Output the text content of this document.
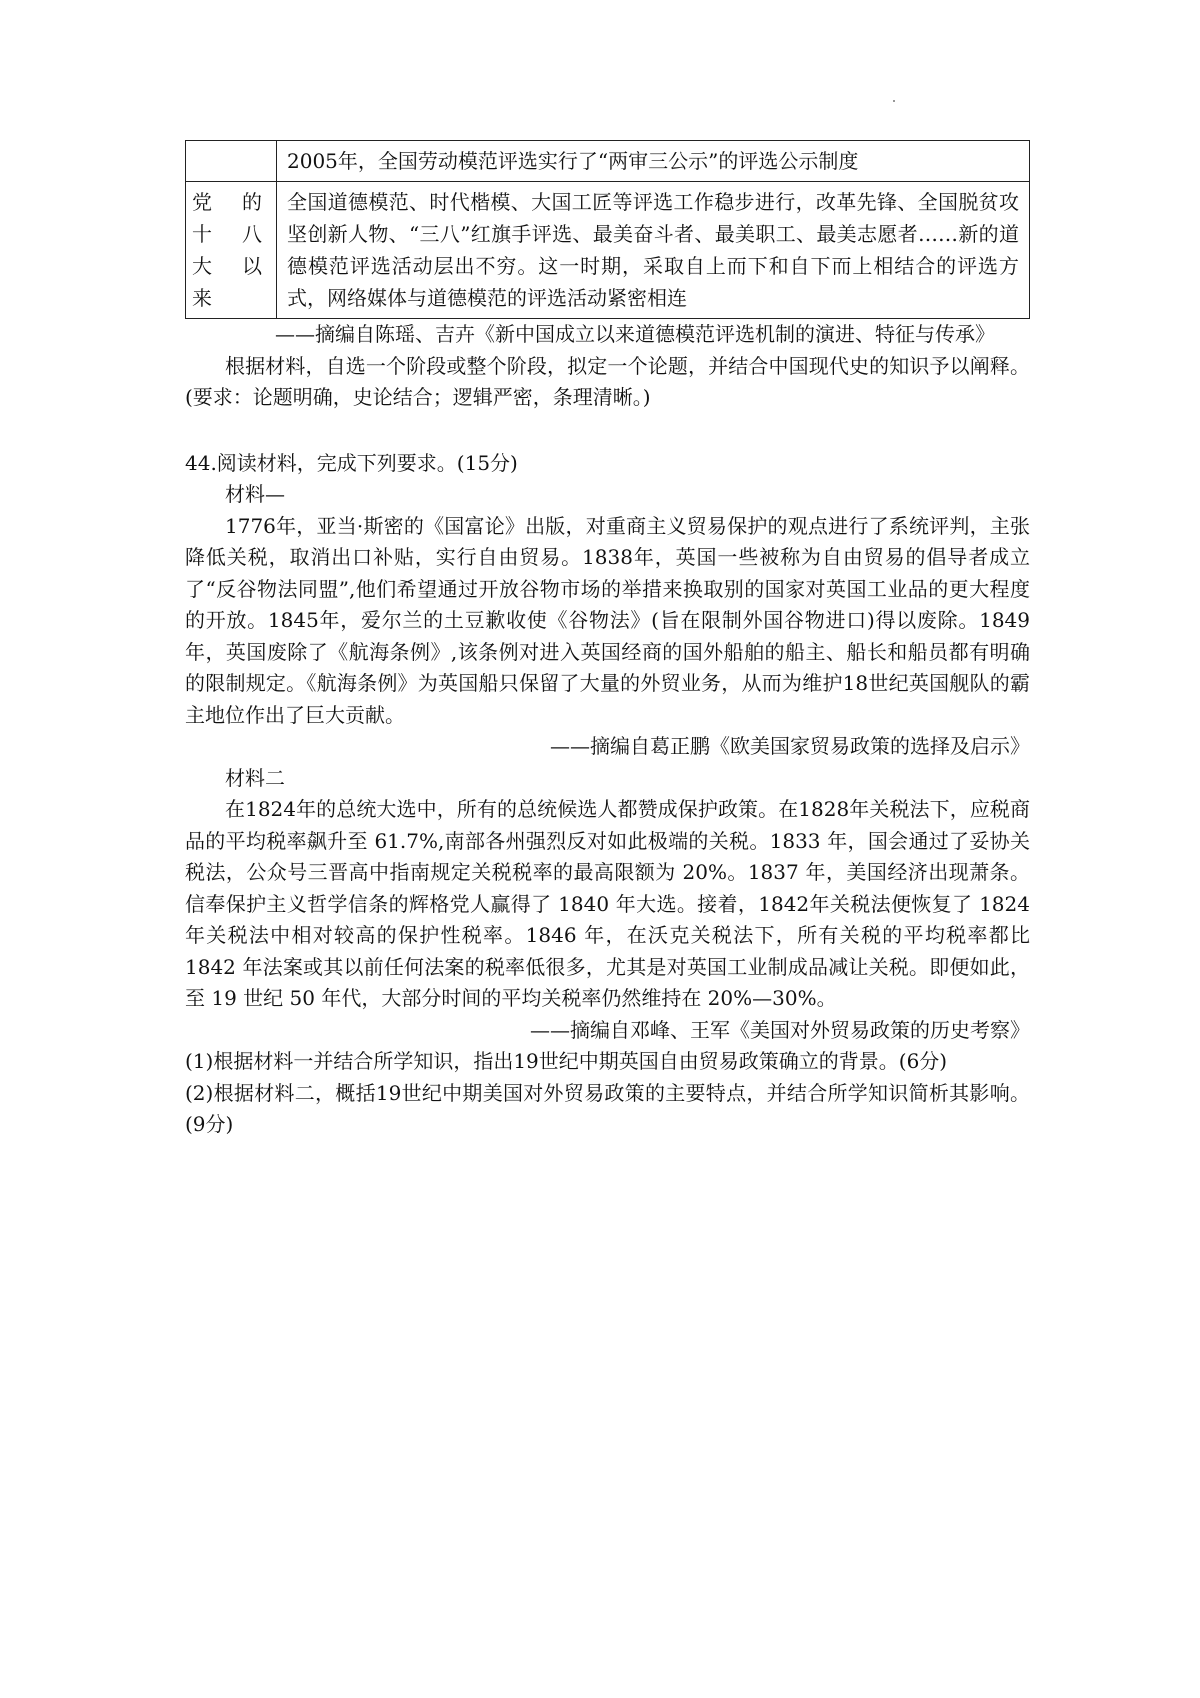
	2005年，全国劳动模范评选实行了“两审三公示”的评选公示制度
党的十八大以来	全国道德模范、时代楷模、大国工匠等评选工作稳步进行，改革先锋、全国脱贫攻坚创新人物、“三八”红旗手评选、最美奋斗者、最美职工、最美志愿者……新的道德模范评选活动层出不穷。这一时期，采取自上而下和自下而上相结合的评选方式，网络媒体与道德模范的评选活动紧密相连

——摘编自陈瑶、吉卉《新中国成立以来道德模范评选机制的演进、特征与传承》

根据材料，自选一个阶段或整个阶段，拟定一个论题，并结合中国现代史的知识予以阐释。(要求：论题明确，史论结合；逻辑严密，条理清晰。)

44.阅读材料，完成下列要求。(15分)

材料—

1776年，亚当·斯密的《国富论》出版，对重商主义贸易保护的观点进行了系统评判，主张降低关税，取消出口补贴，实行自由贸易。1838年，英国一些被称为自由贸易的倡导者成立了“反谷物法同盟”,他们希望通过开放谷物市场的举措来换取别的国家对英国工业品的更大程度的开放。1845年，爱尔兰的土豆歉收使《谷物法》(旨在限制外国谷物进口)得以废除。1849年，英国废除了《航海条例》,该条例对进入英国经商的国外船舶的船主、船长和船员都有明确的限制规定。《航海条例》为英国船只保留了大量的外贸业务，从而为维护18世纪英国舰队的霸主地位作出了巨大贡献。

——摘编自葛正鹏《欧美国家贸易政策的选择及启示》

材料二

在1824年的总统大选中，所有的总统候选人都赞成保护政策。在1828年关税法下，应税商品的平均税率飙升至 61.7%,南部各州强烈反对如此极端的关税。1833 年，国会通过了妥协关税法，公众号三晋高中指南规定关税税率的最高限额为 20%。1837 年，美国经济出现萧条。信奉保护主义哲学信条的辉格党人赢得了 1840 年大选。接着，1842年关税法便恢复了 1824 年关税法中相对较高的保护性税率。1846 年，在沃克关税法下，所有关税的平均税率都比 1842 年法案或其以前任何法案的税率低很多，尤其是对英国工业制成品减让关税。即便如此，至 19 世纪 50 年代，大部分时间的平均关税率仍然维持在 20%—30%。

——摘编自邓峰、王军《美国对外贸易政策的历史考察》

(1)根据材料一并结合所学知识，指出19世纪中期英国自由贸易政策确立的背景。(6分)

(2)根据材料二，概括19世纪中期美国对外贸易政策的主要特点，并结合所学知识简析其影响。(9分)
